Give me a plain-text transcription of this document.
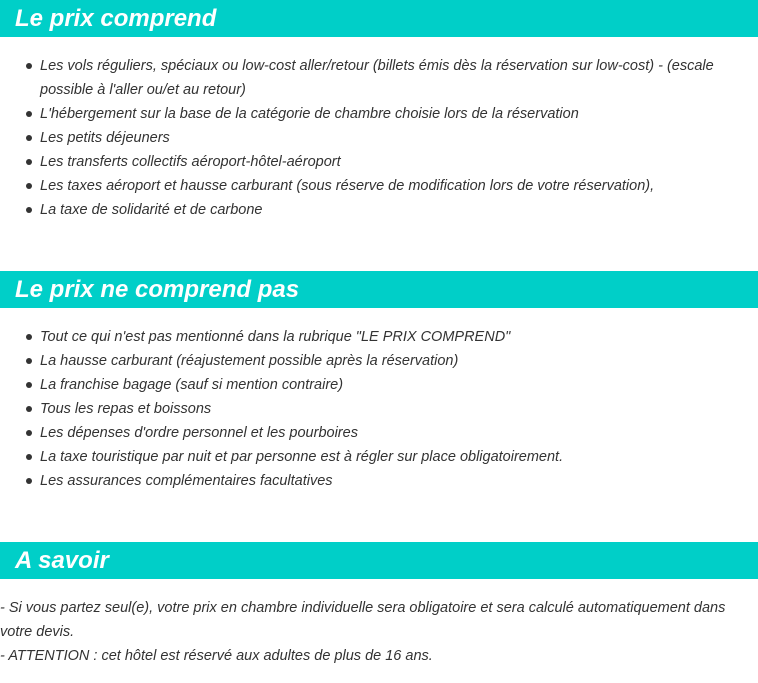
Le prix comprend
Les vols réguliers, spéciaux ou low-cost aller/retour (billets émis dès la réservation sur low-cost) - (escale possible à l'aller ou/et au retour)
L'hébergement sur la base de la catégorie de chambre choisie lors de la réservation
Les petits déjeuners
Les transferts collectifs aéroport-hôtel-aéroport
Les taxes aéroport et hausse carburant (sous réserve de modification lors de votre réservation),
La taxe de solidarité et de carbone
Le prix ne comprend pas
Tout ce qui n'est pas mentionné dans la rubrique "LE PRIX COMPREND"
La hausse carburant (réajustement possible après la réservation)
La franchise bagage (sauf si mention contraire)
Tous les repas et boissons
Les dépenses d'ordre personnel et les pourboires
La taxe touristique par nuit et par personne est à régler sur place obligatoirement.
Les assurances complémentaires facultatives
A savoir

- Si vous partez seul(e), votre prix en chambre individuelle sera obligatoire et sera calculé automatiquement dans votre devis.

- ATTENTION : cet hôtel est réservé aux adultes de plus de 16 ans.
